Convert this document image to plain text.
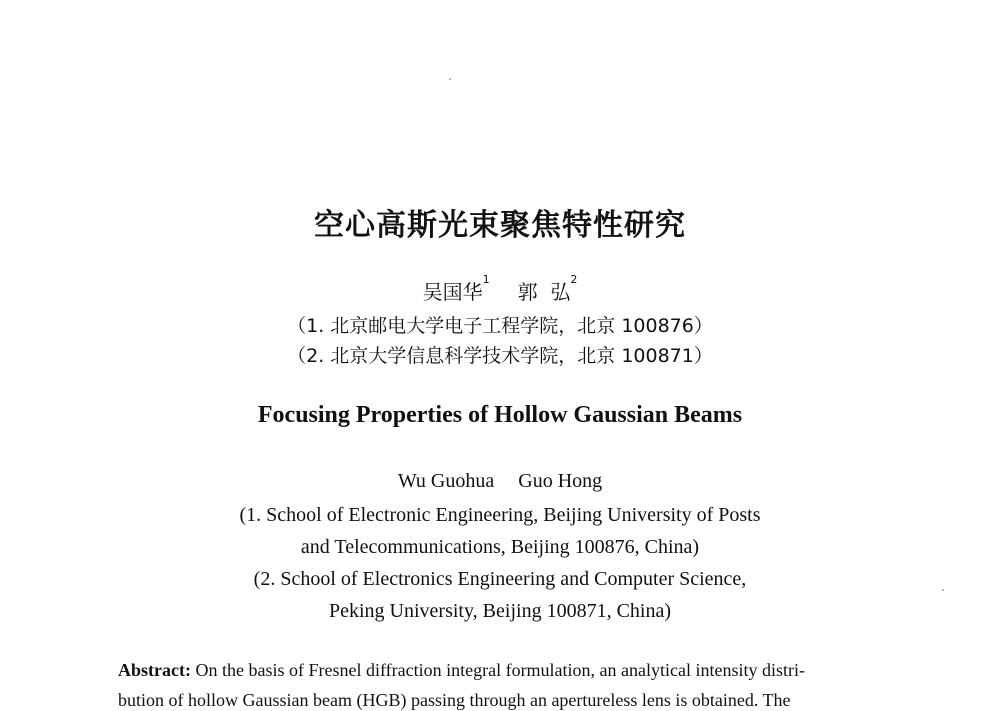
空心高斯光束聚焦特性研究
吴国华$^1$郭  弘$^2$
（1. 北京邮电大学电子工程学院，北京 100876）
（2. 北京大学信息科学技术学院，北京 100871）
Focusing Properties of Hollow Gaussian Beams
Wu Guohua Guo Hong
(1. School of Electronic Engineering, Beijing University of Posts
and Telecommunications, Beijing 100876, China)
(2. School of Electronics Engineering and Computer Science,
Peking University, Beijing 100871, China)
Abstract: On the basis of Fresnel diffraction integral formulation, an analytical intensity distri-
bution of hollow Gaussian beam (HGB) passing through an apertureless lens is obtained. The
